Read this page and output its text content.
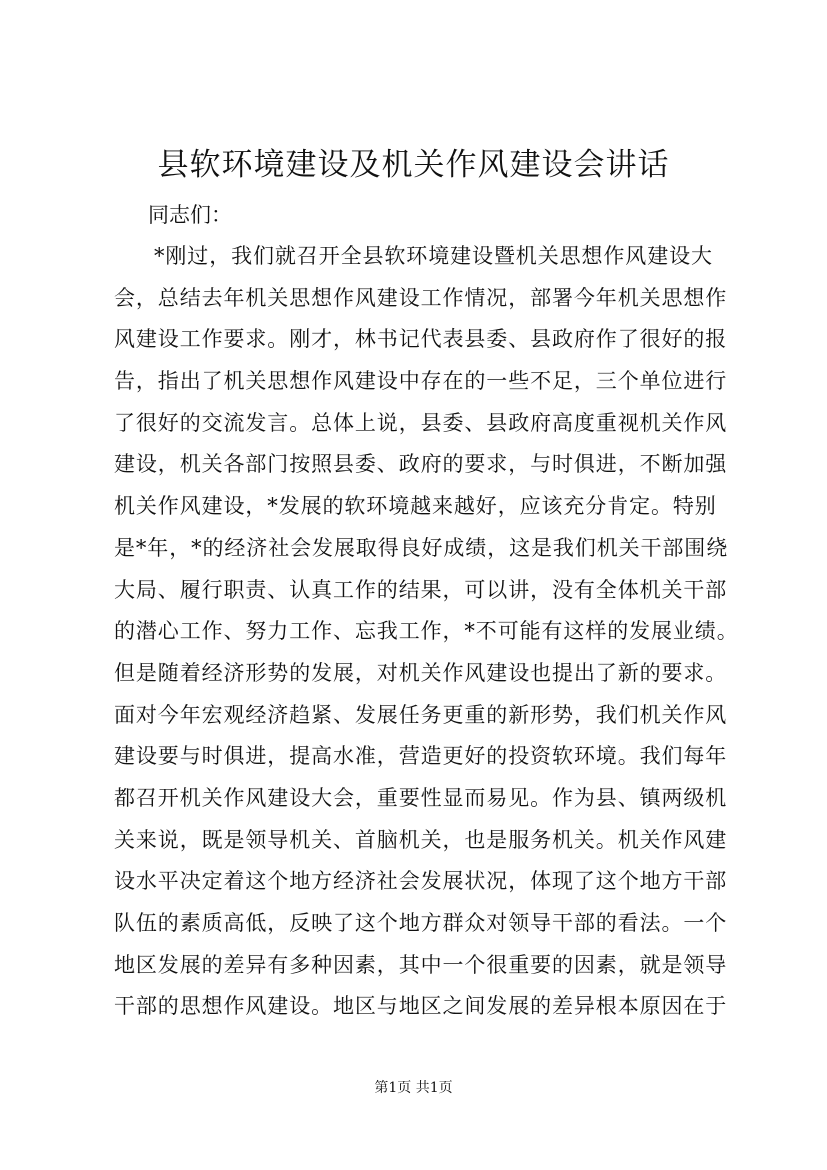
县软环境建设及机关作风建设会讲话

同志们：

*刚过，我们就召开全县软环境建设暨机关思想作风建设大
会，总结去年机关思想作风建设工作情况，部署今年机关思想作
风建设工作要求。刚才，林书记代表县委、县政府作了很好的报
告，指出了机关思想作风建设中存在的一些不足，三个单位进行
了很好的交流发言。总体上说，县委、县政府高度重视机关作风
建设，机关各部门按照县委、政府的要求，与时俱进，不断加强
机关作风建设，*发展的软环境越来越好，应该充分肯定。特别
是*年，*的经济社会发展取得良好成绩，这是我们机关干部围绕
大局、履行职责、认真工作的结果，可以讲，没有全体机关干部
的潜心工作、努力工作、忘我工作，*不可能有这样的发展业绩。
但是随着经济形势的发展，对机关作风建设也提出了新的要求。
面对今年宏观经济趋紧、发展任务更重的新形势，我们机关作风
建设要与时俱进，提高水准，营造更好的投资软环境。我们每年
都召开机关作风建设大会，重要性显而易见。作为县、镇两级机
关来说，既是领导机关、首脑机关，也是服务机关。机关作风建
设水平决定着这个地方经济社会发展状况，体现了这个地方干部
队伍的素质高低，反映了这个地方群众对领导干部的看法。一个
地区发展的差异有多种因素，其中一个很重要的因素，就是领导
干部的思想作风建设。地区与地区之间发展的差异根本原因在于
第1页 共1页
